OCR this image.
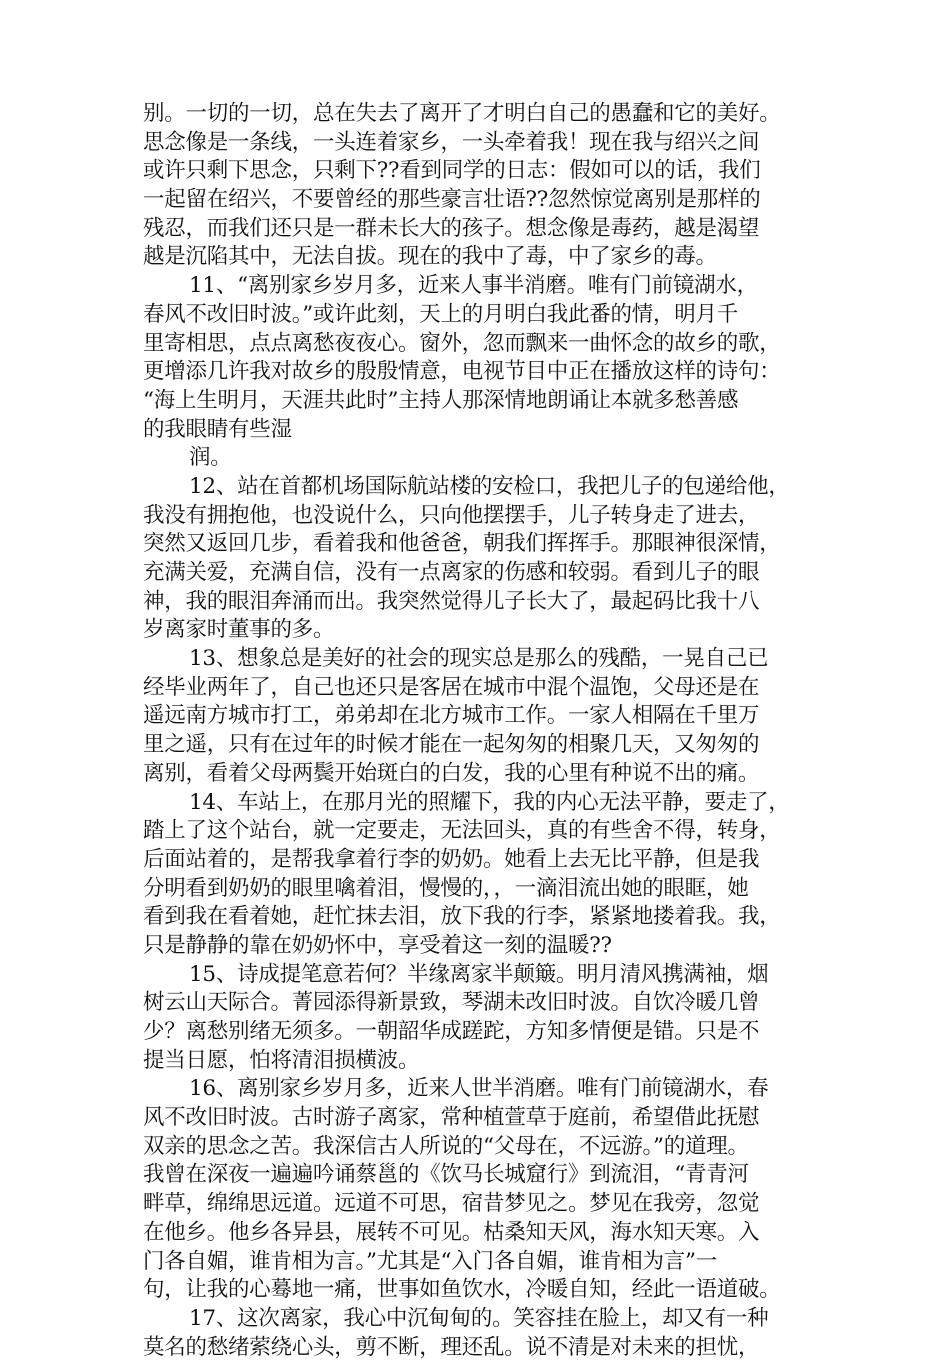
别。一切的一切，总在失去了离开了才明白自己的愚蠢和它的美好。
思念像是一条线，一头连着家乡，一头牵着我！现在我与绍兴之间
或许只剩下思念，只剩下??看到同学的日志：假如可以的话，我们
一起留在绍兴，不要曾经的那些豪言壮语??忽然惊觉离别是那样的
残忍，而我们还只是一群未长大的孩子。想念像是毒药，越是渴望
越是沉陷其中，无法自拔。现在的我中了毒，中了家乡的毒。
11、“离别家乡岁月多，近来人事半消磨。唯有门前镜湖水，
春风不改旧时波。”或许此刻，天上的月明白我此番的情，明月千
里寄相思，点点离愁夜夜心。窗外，忽而飘来一曲怀念的故乡的歌，
更增添几许我对故乡的殷殷情意，电视节目中正在播放这样的诗句：
“海上生明月，天涯共此时”主持人那深情地朗诵让本就多愁善感
的我眼睛有些湿
润。
12、站在首都机场国际航站楼的安检口，我把儿子的包递给他，
我没有拥抱他，也没说什么，只向他摆摆手，儿子转身走了进去，
突然又返回几步，看着我和他爸爸，朝我们挥挥手。那眼神很深情，
充满关爱，充满自信，没有一点离家的伤感和较弱。看到儿子的眼
神，我的眼泪奔涌而出。我突然觉得儿子长大了，最起码比我十八
岁离家时董事的多。
13、想象总是美好的社会的现实总是那么的残酷，一晃自己已
经毕业两年了，自己也还只是客居在城市中混个温饱，父母还是在
遥远南方城市打工，弟弟却在北方城市工作。一家人相隔在千里万
里之遥，只有在过年的时候才能在一起匆匆的相聚几天，又匆匆的
离别，看着父母两鬓开始斑白的白发，我的心里有种说不出的痛。
14、车站上，在那月光的照耀下，我的内心无法平静，要走了，
踏上了这个站台，就一定要走，无法回头，真的有些舍不得，转身，
后面站着的，是帮我拿着行李的奶奶。她看上去无比平静，但是我
分明看到奶奶的眼里噙着泪，慢慢的，，一滴泪流出她的眼眶，她
看到我在看着她，赶忙抹去泪，放下我的行李，紧紧地搂着我。我，
只是静静的靠在奶奶怀中，享受着这一刻的温暖??
15、诗成提笔意若何？半缘离家半颠簸。明月清风携满袖，烟
树云山天际合。菁园添得新景致，琴湖未改旧时波。自饮冷暖几曾
少？离愁别绪无须多。一朝韶华成蹉跎，方知多情便是错。只是不
提当日愿，怕将清泪损横波。
16、离别家乡岁月多，近来人世半消磨。唯有门前镜湖水，春
风不改旧时波。古时游子离家，常种植萱草于庭前，希望借此抚慰
双亲的思念之苦。我深信古人所说的“父母在，不远游。”的道理。
我曾在深夜一遍遍吟诵蔡邕的《饮马长城窟行》到流泪，“青青河
畔草，绵绵思远道。远道不可思，宿昔梦见之。梦见在我旁，忽觉
在他乡。他乡各异县，展转不可见。枯桑知天风，海水知天寒。入
门各自媚，谁肯相为言。”尤其是“入门各自媚，谁肯相为言”一
句，让我的心蓦地一痛，世事如鱼饮水，冷暖自知，经此一语道破。
17、这次离家，我心中沉甸甸的。笑容挂在脸上，却又有一种
莫名的愁绪萦绕心头，剪不断，理还乱。说不清是对未来的担忧，
